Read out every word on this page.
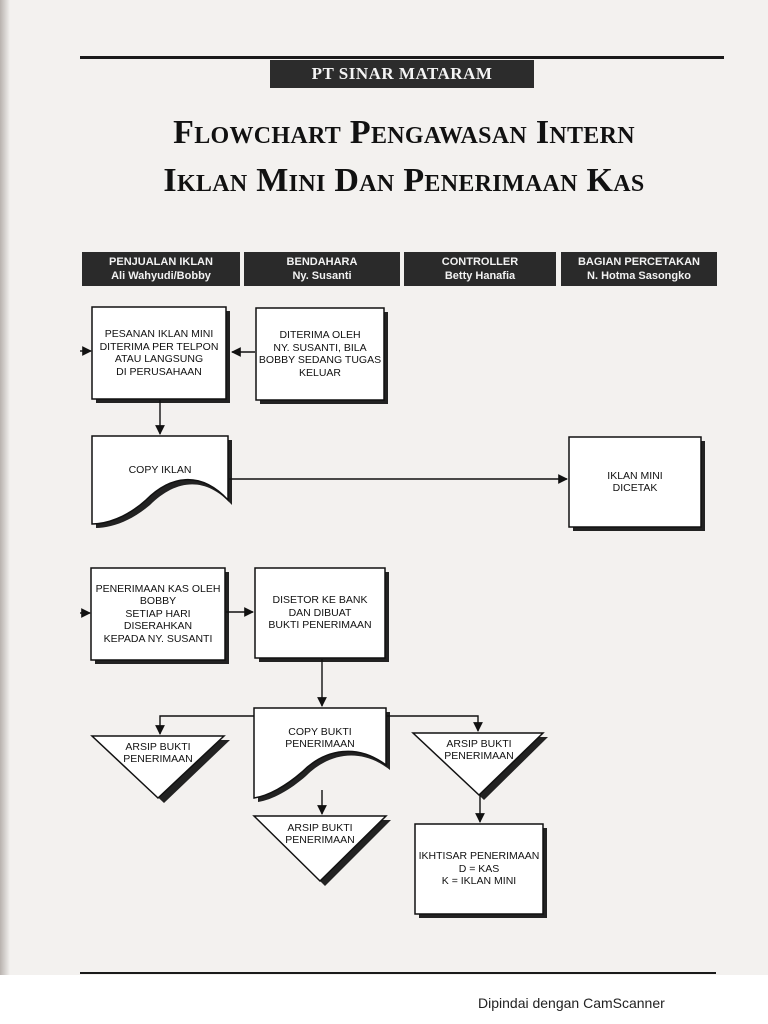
PT SINAR MATARAM
Flowchart Pengawasan Intern
Iklan Mini Dan Penerimaan Kas
PENJUALAN IKLAN
Ali Wahyudi/Bobby
BENDAHARA
Ny. Susanti
CONTROLLER
Betty Hanafia
BAGIAN PERCETAKAN
N. Hotma Sasongko
PESANAN IKLAN MINI
DITERIMA PER TELPON
ATAU LANGSUNG
DI PERUSAHAAN
DITERIMA OLEH
NY. SUSANTI, BILA
BOBBY SEDANG TUGAS
KELUAR
COPY IKLAN	IKLAN MINI
DICETAK
PENERIMAAN KAS OLEH
BOBBY
SETIAP HARI DISERAHKAN
KEPADA NY. SUSANTI
DISETOR KE BANK
DAN DIBUAT
BUKTI PENERIMAAN
ARSIP BUKTI
PENERIMAAN
COPY BUKTI
PENERIMAAN
ARSIP BUKTI
PENERIMAAN
ARSIP BUKTI
PENERIMAAN
IKHTISAR PENERIMAAN
D = KAS
K = IKLAN MINI
Dipindai dengan CamScanner
